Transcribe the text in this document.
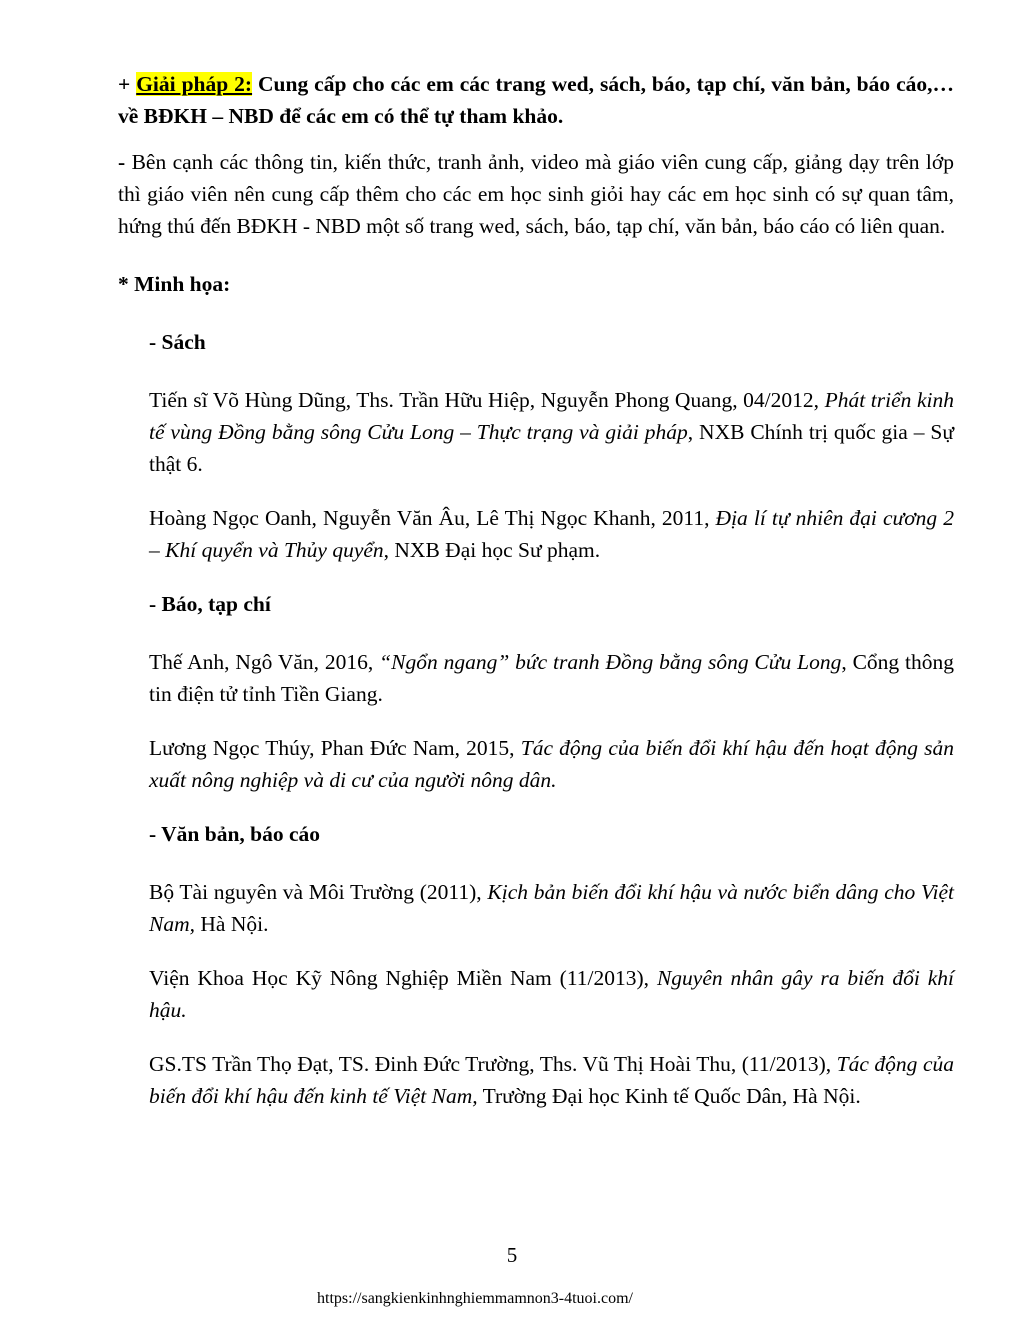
+ Giải pháp 2: Cung cấp cho các em các trang wed, sách, báo, tạp chí, văn bản, báo cáo,…về BĐKH – NBD để các em có thể tự tham khảo.

- Bên cạnh các thông tin, kiến thức, tranh ảnh, video mà giáo viên cung cấp, giảng dạy trên lớp thì giáo viên nên cung cấp thêm cho các em học sinh giỏi hay các em học sinh có sự quan tâm, hứng thú đến BĐKH - NBD một số trang wed, sách, báo, tạp chí, văn bản, báo cáo có liên quan.

* Minh họa:

- Sách

Tiến sĩ Võ Hùng Dũng, Ths. Trần Hữu Hiệp, Nguyễn Phong Quang, 04/2012, Phát triển kinh tế vùng Đồng bằng sông Cửu Long – Thực trạng và giải pháp, NXB Chính trị quốc gia – Sự thật 6.

Hoàng Ngọc Oanh, Nguyễn Văn Âu, Lê Thị Ngọc Khanh, 2011, Địa lí tự nhiên đại cương 2 – Khí quyển và Thủy quyển, NXB Đại học Sư phạm.

- Báo, tạp chí

Thế Anh, Ngô Văn, 2016, “Ngổn ngang” bức tranh Đồng bằng sông Cửu Long, Cổng thông tin điện tử tỉnh Tiền Giang.

Lương Ngọc Thúy, Phan Đức Nam, 2015, Tác động của biến đổi khí hậu đến hoạt động sản xuất nông nghiệp và di cư của người nông dân.

- Văn bản, báo cáo

Bộ Tài nguyên và Môi Trường (2011), Kịch bản biến đổi khí hậu và nước biển dâng cho Việt Nam, Hà Nội.

Viện Khoa Học Kỹ Nông Nghiệp Miền Nam (11/2013), Nguyên nhân gây ra biến đổi khí hậu.

GS.TS Trần Thọ Đạt, TS. Đinh Đức Trường, Ths. Vũ Thị Hoài Thu, (11/2013), Tác động của biến đổi khí hậu đến kinh tế Việt Nam, Trường Đại học Kinh tế Quốc Dân, Hà Nội.

5
https://sangkienkinhnghiemmamnon3-4tuoi.com/
